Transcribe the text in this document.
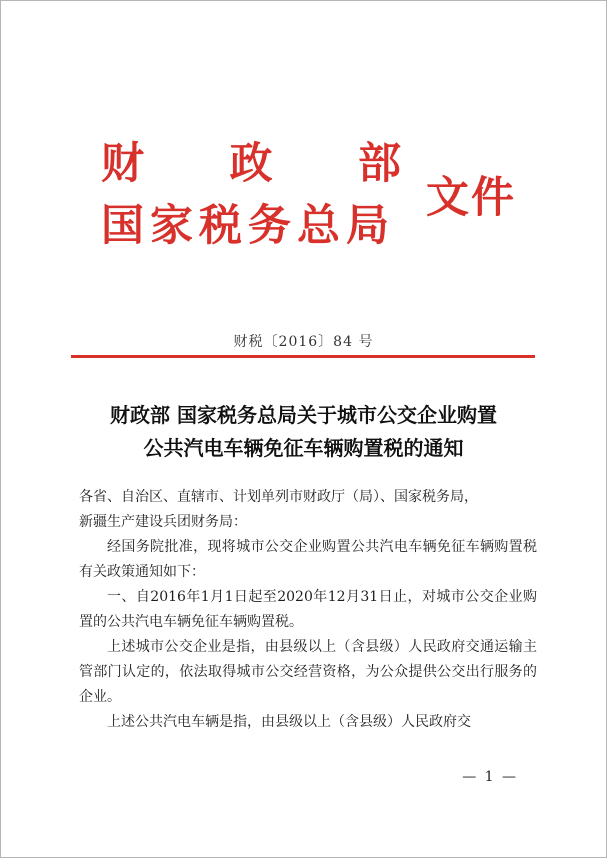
财 政 部
国家税务总局
文件
财税〔2016〕84 号
财政部 国家税务总局关于城市公交企业购置
公共汽电车辆免征车辆购置税的通知

各省、自治区、直辖市、计划单列市财政厅（局）、国家税务局，

新疆生产建设兵团财务局：

经国务院批准，现将城市公交企业购置公共汽电车辆免征车辆购置税有关政策通知如下：

一、自2016年1月1日起至2020年12月31日止，对城市公交企业购置的公共汽电车辆免征车辆购置税。

上述城市公交企业是指，由县级以上（含县级）人民政府交通运输主管部门认定的，依法取得城市公交经营资格，为公众提供公交出行服务的企业。

上述公共汽电车辆是指，由县级以上（含县级）人民政府交

— 1 —
